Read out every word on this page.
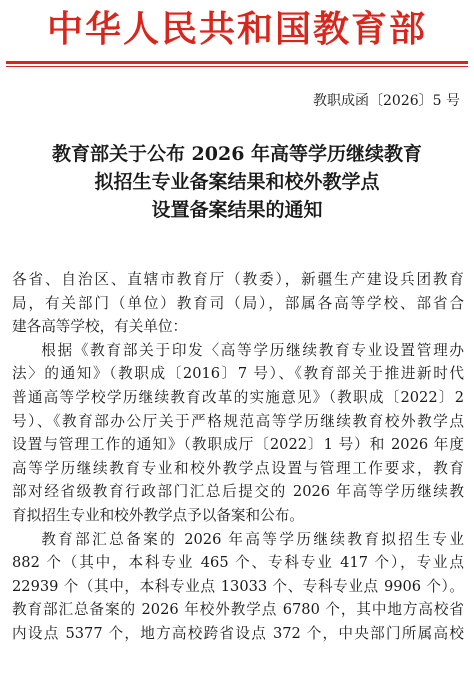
中华人民共和国教育部
教职成函〔2026〕5 号
教育部关于公布 2026 年高等学历继续教育
拟招生专业备案结果和校外教学点
设置备案结果的通知
各省、自治区、直辖市教育厅（教委），新疆生产建设兵团教育
局，有关部门（单位）教育司（局），部属各高等学校、部省合
建各高等学校，有关单位：
根据《教育部关于印发〈高等学历继续教育专业设置管理办
法〉的通知》（教职成〔2016〕7 号）、《教育部关于推进新时代
普通高等学校学历继续教育改革的实施意见》（教职成〔2022〕2
号）、《教育部办公厅关于严格规范高等学历继续教育校外教学点
设置与管理工作的通知》（教职成厅〔2022〕1 号）和 2026 年度
高等学历继续教育专业和校外教学点设置与管理工作要求，教育
部对经省级教育行政部门汇总后提交的 2026 年高等学历继续教
育拟招生专业和校外教学点予以备案和公布。
教育部汇总备案的 2026 年高等学历继续教育拟招生专业
882 个（其中，本科专业 465 个、专科专业 417 个），专业点
22939 个（其中，本科专业点 13033 个、专科专业点 9906 个）。
教育部汇总备案的 2026 年校外教学点 6780 个，其中地方高校省
内设点 5377 个，地方高校跨省设点 372 个，中央部门所属高校
